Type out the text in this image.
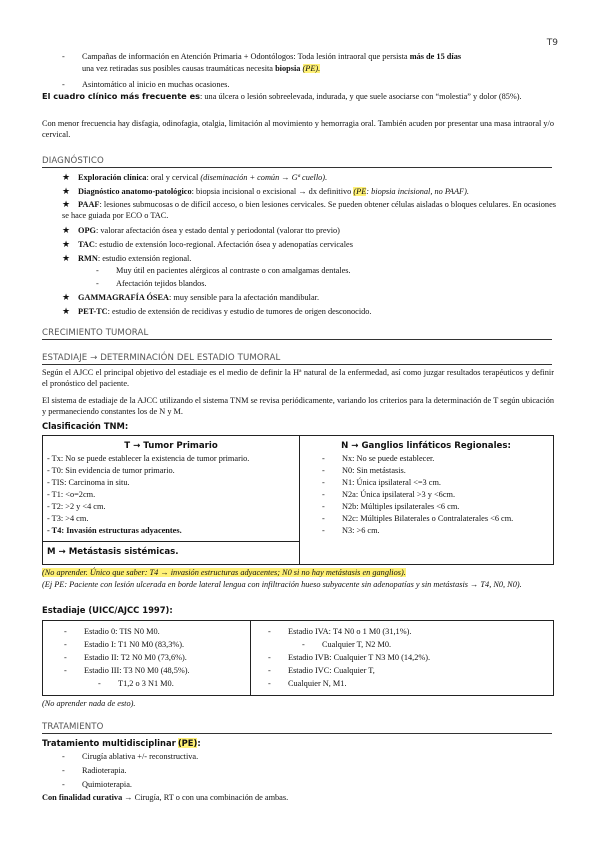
T9
- Campañas de información en Atención Primaria + Odontólogos: Toda lesión intraoral que persista más de 15 días
una vez retiradas sus posibles causas traumáticas necesita biopsia (PE).
- Asintomático al inicio en muchas ocasiones.
El cuadro clínico más frecuente es: una úlcera o lesión sobreelevada, indurada, y que suele asociarse con “molestia” y dolor (85%).
Con menor frecuencia hay disfagia, odinofagia, otalgia, limitación al movimiento y hemorragia oral. También acuden por presentar una masa intraoral y/o cervical.
DIAGNÓSTICO
★ Exploración clínica: oral y cervical (diseminación + común → Gª cuello).
★ Diagnóstico anatomo-patológico: biopsia incisional o excisional → dx definitivo (PE: biopsia incisional, no PAAF).
★ PAAF: lesiones submucosas o de difícil acceso, o bien lesiones cervicales. Se pueden obtener células aisladas o bloques celulares. En ocasiones se hace guiada por ECO o TAC.
★ OPG: valorar afectación ósea y estado dental y periodontal (valorar tto previo)
★ TAC: estudio de extensión loco-regional. Afectación ósea y adenopatías cervicales
★ RMN: estudio extensión regional.
- Muy útil en pacientes alérgicos al contraste o con amalgamas dentales.
- Afectación tejidos blandos.
★ GAMMAGRAFÍA ÓSEA: muy sensible para la afectación mandibular.
★ PET-TC: estudio de extensión de recidivas y estudio de tumores de origen desconocido.
CRECIMIENTO TUMORAL
ESTADIAJE → DETERMINACIÓN DEL ESTADIO TUMORAL
Según el AJCC el principal objetivo del estadiaje es el medio de definir la Hª natural de la enfermedad, así como juzgar resultados terapéuticos y definir el pronóstico del paciente.
El sistema de estadiaje de la AJCC utilizando el sistema TNM se revisa periódicamente, variando los criterios para la determinación de T según ubicación y permaneciendo constantes los de N y M.
Clasificación TNM:
T → Tumor Primario
- Tx: No se puede establecer la existencia de tumor primario.
- T0: Sin evidencia de tumor primario.
- TIS: Carcinoma in situ.
- T1: <o=2cm.
- T2: >2 y <4 cm.
- T3: >4 cm.
- T4: Invasión estructuras adyacentes.
M → Metástasis sistémicas.
N → Ganglios linfáticos Regionales:
- Nx: No se puede establecer.
- N0: Sin metástasis.
- N1: Única ipsilateral <=3 cm.
- N2a: Única ipsilateral >3 y <6cm.
- N2b: Múltiples ipsilaterales <6 cm.
- N2c: Múltiples Bilaterales o Contralaterales <6 cm.
- N3: >6 cm.
(No aprender. Único que saber: T4 → invasión estructuras adyacentes; N0 si no hay metástasis en ganglios).
(Ej PE: Paciente con lesión ulcerada en borde lateral lengua con infiltración hueso subyacente sin adenopatías y sin metástasis → T4, N0, N0).
Estadiaje (UICC/AJCC 1997):
- Estadio 0: TIS N0 M0.
- Estadio I: T1 N0 M0 (83,3%).
- Estadio II: T2 N0 M0 (73,6%).
- Estadio III: T3 N0 M0 (48,5%).
- T1,2 o 3 N1 M0.
- Estadio IVA: T4 N0 o 1 M0 (31,1%).
- Cualquier T, N2 M0.
- Estadio IVB: Cualquier T N3 M0 (14,2%).
- Estadio IVC: Cualquier T,
- Cualquier N, M1.
(No aprender nada de esto).
TRATAMIENTO
Tratamiento multidisciplinar (PE):
- Cirugía ablativa +/- reconstructiva.
- Radioterapia.
- Quimioterapia.
Con finalidad curativa → Cirugía, RT o con una combinación de ambas.
